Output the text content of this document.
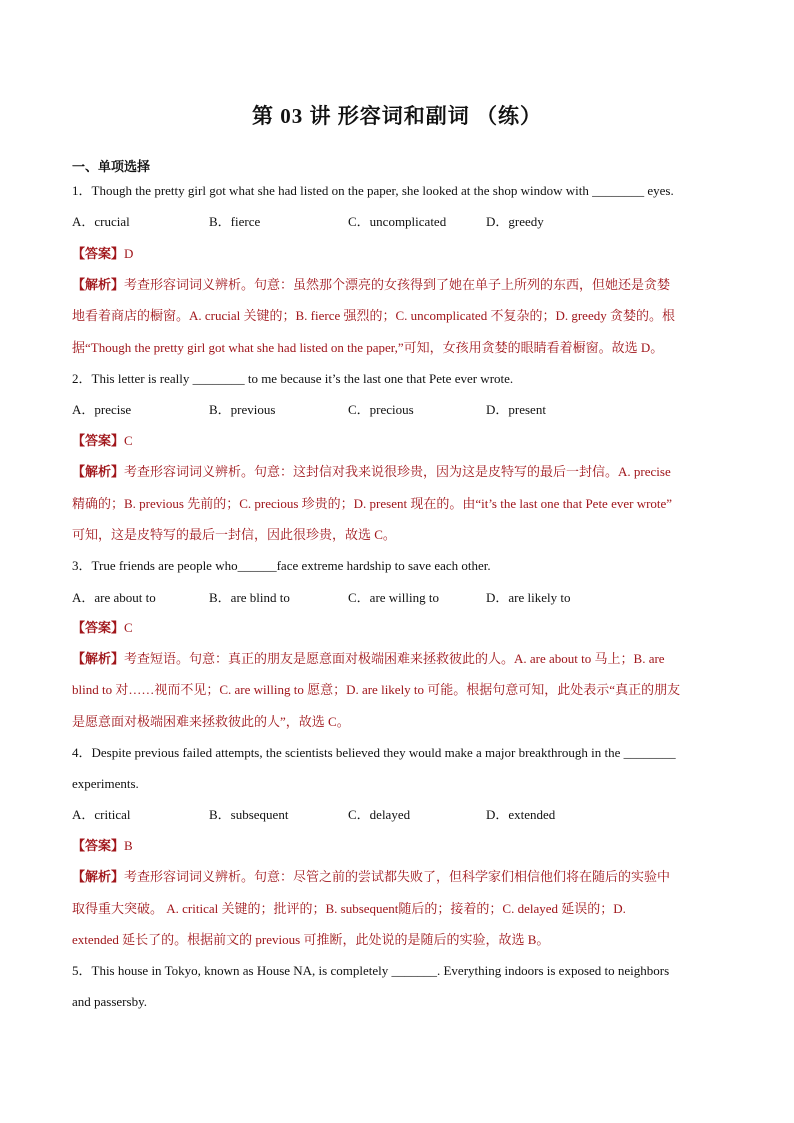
第 03 讲 形容词和副词 （练）
一、单项选择
1．Though the pretty girl got what she had listed on the paper, she looked at the shop window with ________ eyes.
A．crucial	B．fierce	C．uncomplicated	D．greedy
【答案】D
【解析】考查形容词词义辨析。句意：虽然那个漂亮的女孩得到了她在单子上所列的东西，但她还是贪婪
地看着商店的橱窗。A. crucial 关键的；B. fierce 强烈的；C. uncomplicated 不复杂的；D. greedy 贪婪的。根
据“Though the pretty girl got what she had listed on the paper,”可知，女孩用贪婪的眼睛看着橱窗。故选 D。
2．This letter is really ________ to me because it’s the last one that Pete ever wrote.
A．precise	B．previous	C．precious	D．present
【答案】C
【解析】考查形容词词义辨析。句意：这封信对我来说很珍贵，因为这是皮特写的最后一封信。A. precise
精确的；B. previous 先前的；C. precious 珍贵的；D. present 现在的。由“it’s the last one that Pete ever wrote”
可知，这是皮特写的最后一封信，因此很珍贵，故选 C。
3．True friends are people who______face extreme hardship to save each other.
A．are about to	B．are blind to	C．are willing to	D．are likely to
【答案】C
【解析】考查短语。句意：真正的朋友是愿意面对极端困难来拯救彼此的人。A. are about to 马上；B. are
blind to 对……视而不见；C. are willing to 愿意；D. are likely to 可能。根据句意可知，此处表示“真正的朋友
是愿意面对极端困难来拯救彼此的人”，故选 C。
4．Despite previous failed attempts, the scientists believed they would make a major breakthrough in the ________
experiments.
A．critical	B．subsequent	C．delayed	D．extended
【答案】B
【解析】考查形容词词义辨析。句意：尽管之前的尝试都失败了，但科学家们相信他们将在随后的实验中
取得重大突破。 A. critical 关键的；批评的；B. subsequent随后的；接着的；C. delayed 延误的；D.
extended 延长了的。根据前文的 previous 可推断，此处说的是随后的实验，故选 B。
5．This house in Tokyo, known as House NA, is completely _______. Everything indoors is exposed to neighbors
and passersby.
